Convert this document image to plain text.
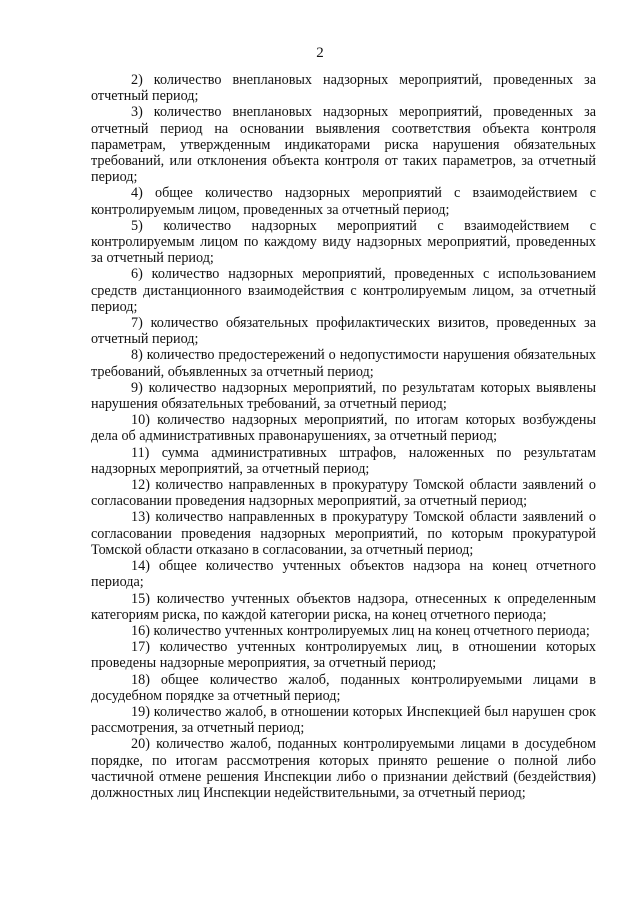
2

2) количество внеплановых надзорных мероприятий, проведенных за отчетный период;

3) количество внеплановых надзорных мероприятий, проведенных за отчетный период на основании выявления соответствия объекта контроля параметрам, утвержденным индикаторами риска нарушения обязательных требований, или отклонения объекта контроля от таких параметров, за отчетный период;

4) общее количество надзорных мероприятий с взаимодействием с контролируемым лицом, проведенных за отчетный период;

5) количество надзорных мероприятий с взаимодействием с контролируемым лицом по каждому виду надзорных мероприятий, проведенных за отчетный период;

6) количество надзорных мероприятий, проведенных с использованием средств дистанционного взаимодействия с контролируемым лицом, за отчетный период;

7) количество обязательных профилактических визитов, проведенных за отчетный период;

8) количество предостережений о недопустимости нарушения обязательных требований, объявленных за отчетный период;

9) количество надзорных мероприятий, по результатам которых выявлены нарушения обязательных требований, за отчетный период;

10) количество надзорных мероприятий, по итогам которых возбуждены дела об административных правонарушениях, за отчетный период;

11) сумма административных штрафов, наложенных по результатам надзорных мероприятий, за отчетный период;

12) количество направленных в прокуратуру Томской области заявлений о согласовании проведения надзорных мероприятий, за отчетный период;

13) количество направленных в прокуратуру Томской области заявлений о согласовании проведения надзорных мероприятий, по которым прокуратурой Томской области отказано в согласовании, за отчетный период;

14) общее количество учтенных объектов надзора на конец отчетного периода;

15) количество учтенных объектов надзора, отнесенных к определенным категориям риска, по каждой категории риска, на конец отчетного периода;

16) количество учтенных контролируемых лиц на конец отчетного периода;

17) количество учтенных контролируемых лиц, в отношении которых проведены надзорные мероприятия, за отчетный период;

18) общее количество жалоб, поданных контролируемыми лицами в досудебном порядке за отчетный период;

19) количество жалоб, в отношении которых Инспекцией был нарушен срок рассмотрения, за отчетный период;

20) количество жалоб, поданных контролируемыми лицами в досудебном порядке, по итогам рассмотрения которых принято решение о полной либо частичной отмене решения Инспекции либо о признании действий (бездействия) должностных лиц Инспекции недействительными, за отчетный период;
